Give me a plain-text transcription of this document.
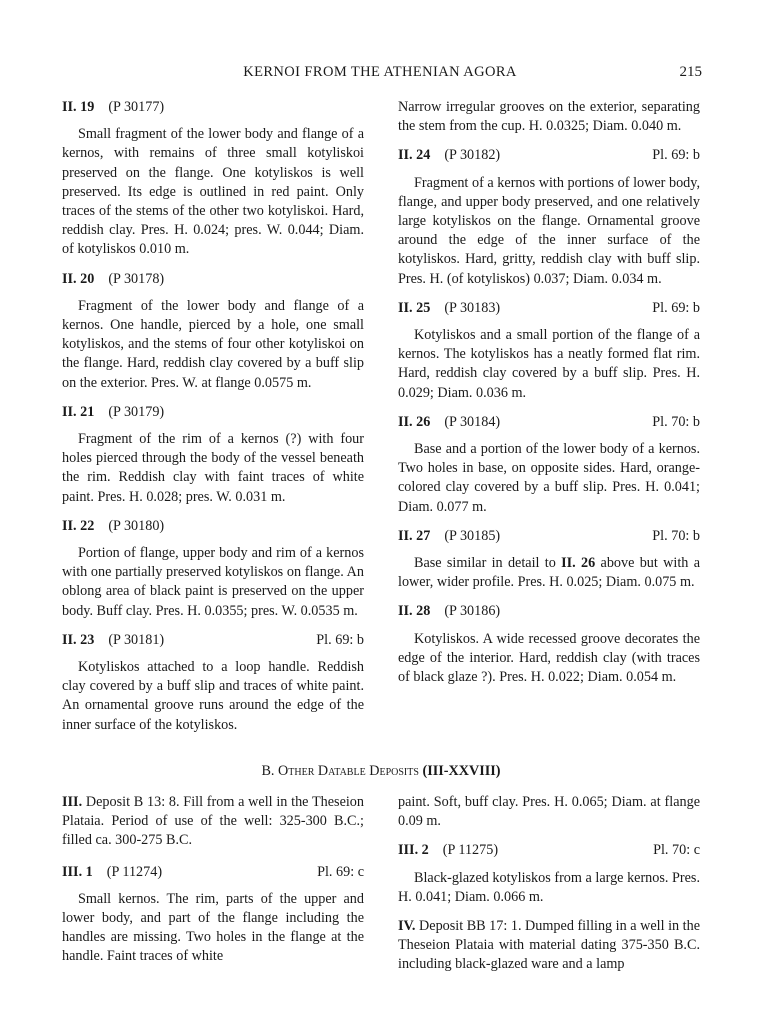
KERNOI FROM THE ATHENIAN AGORA	215
II. 19 (P 30177)

Small fragment of the lower body and flange of a kernos, with remains of three small kotyliskoi preserved on the flange. One kotyliskos is well preserved. Its edge is outlined in red paint. Only traces of the stems of the other two kotyliskoi. Hard, reddish clay. Pres. H. 0.024; pres. W. 0.044; Diam. of kotyliskos 0.010 m.

II. 20 (P 30178)

Fragment of the lower body and flange of a kernos. One handle, pierced by a hole, one small kotyliskos, and the stems of four other kotyliskoi on the flange. Hard, reddish clay covered by a buff slip on the exterior. Pres. W. at flange 0.0575 m.

II. 21 (P 30179)

Fragment of the rim of a kernos (?) with four holes pierced through the body of the vessel beneath the rim. Reddish clay with faint traces of white paint. Pres. H. 0.028; pres. W. 0.031 m.

II. 22 (P 30180)

Portion of flange, upper body and rim of a kernos with one partially preserved kotyliskos on flange. An oblong area of black paint is preserved on the upper body. Buff clay. Pres. H. 0.0355; pres. W. 0.0535 m.

II. 23 (P 30181)	Pl. 69: b

Kotyliskos attached to a loop handle. Reddish clay covered by a buff slip and traces of white paint. An ornamental groove runs around the edge of the inner surface of the kotyliskos.

Narrow irregular grooves on the exterior, separating the stem from the cup. H. 0.0325; Diam. 0.040 m.

II. 24 (P 30182)	Pl. 69: b

Fragment of a kernos with portions of lower body, flange, and upper body preserved, and one relatively large kotyliskos on the flange. Ornamental groove around the edge of the inner surface of the kotyliskos. Hard, gritty, reddish clay with buff slip. Pres. H. (of kotyliskos) 0.037; Diam. 0.034 m.

II. 25 (P 30183)	Pl. 69: b

Kotyliskos and a small portion of the flange of a kernos. The kotyliskos has a neatly formed flat rim. Hard, reddish clay covered by a buff slip. Pres. H. 0.029; Diam. 0.036 m.

II. 26 (P 30184)	Pl. 70: b

Base and a portion of the lower body of a kernos. Two holes in base, on opposite sides. Hard, orange-colored clay covered by a buff slip. Pres. H. 0.041; Diam. 0.077 m.

II. 27 (P 30185)	Pl. 70: b

Base similar in detail to II. 26 above but with a lower, wider profile. Pres. H. 0.025; Diam. 0.075 m.

II. 28 (P 30186)

Kotyliskos. A wide recessed groove decorates the edge of the interior. Hard, reddish clay (with traces of black glaze ?). Pres. H. 0.022; Diam. 0.054 m.

B. Other Datable Deposits (III-XXVIII)

III. Deposit B 13: 8. Fill from a well in the Theseion Plataia. Period of use of the well: 325-300 B.C.; filled ca. 300-275 B.C.

III. 1 (P 11274)	Pl. 69: c

Small kernos. The rim, parts of the upper and lower body, and part of the flange including the handles are missing. Two holes in the flange at the handle. Faint traces of white

paint. Soft, buff clay. Pres. H. 0.065; Diam. at flange 0.09 m.

III. 2 (P 11275)	Pl. 70: c

Black-glazed kotyliskos from a large kernos. Pres. H. 0.041; Diam. 0.066 m.

IV. Deposit BB 17: 1. Dumped filling in a well in the Theseion Plataia with material dating 375-350 B.C. including black-glazed ware and a lamp
